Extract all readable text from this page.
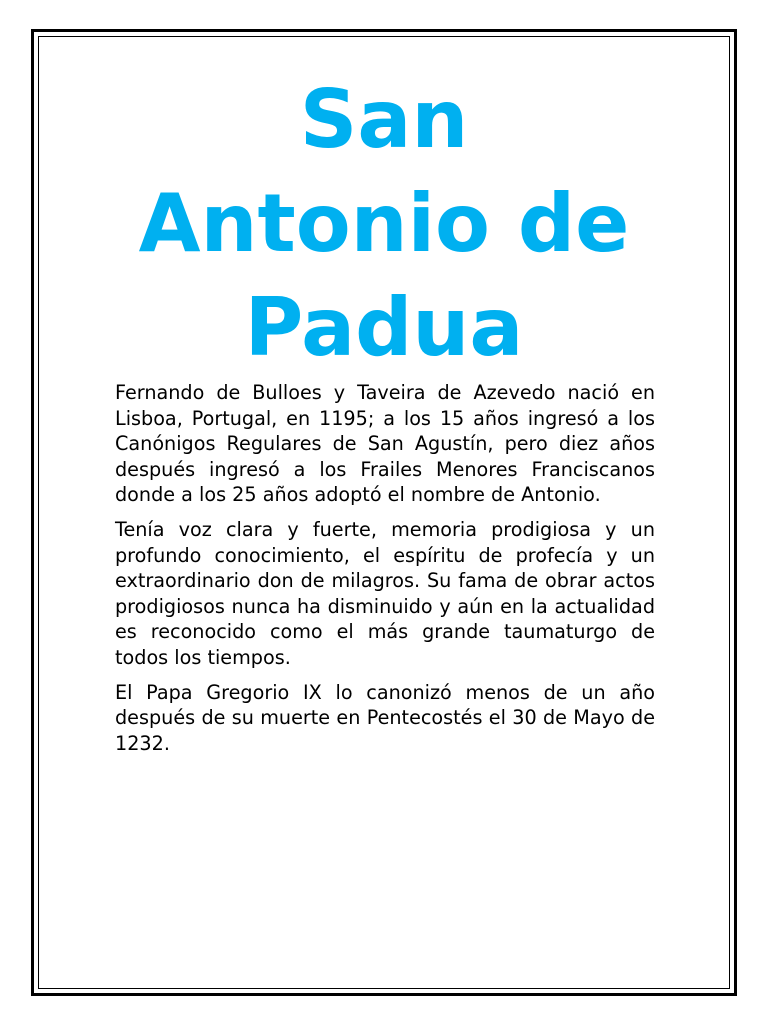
San
Antonio de
Padua

Fernando de Bulloes y Taveira de Azevedo nació en Lisboa, Portugal, en 1195; a los 15 años ingresó a los Canónigos Regulares de San Agustín, pero diez años después ingresó a los Frailes Menores Franciscanos donde a los 25 años adoptó el nombre de Antonio.

Tenía voz clara y fuerte, memoria prodigiosa y un profundo conocimiento, el espíritu de profecía y un extraordinario don de milagros. Su fama de obrar actos prodigiosos nunca ha disminuido y aún en la actualidad es reconocido como el más grande taumaturgo de todos los tiempos.

El Papa Gregorio IX lo canonizó menos de un año después de su muerte en Pentecostés el 30 de Mayo de 1232.
